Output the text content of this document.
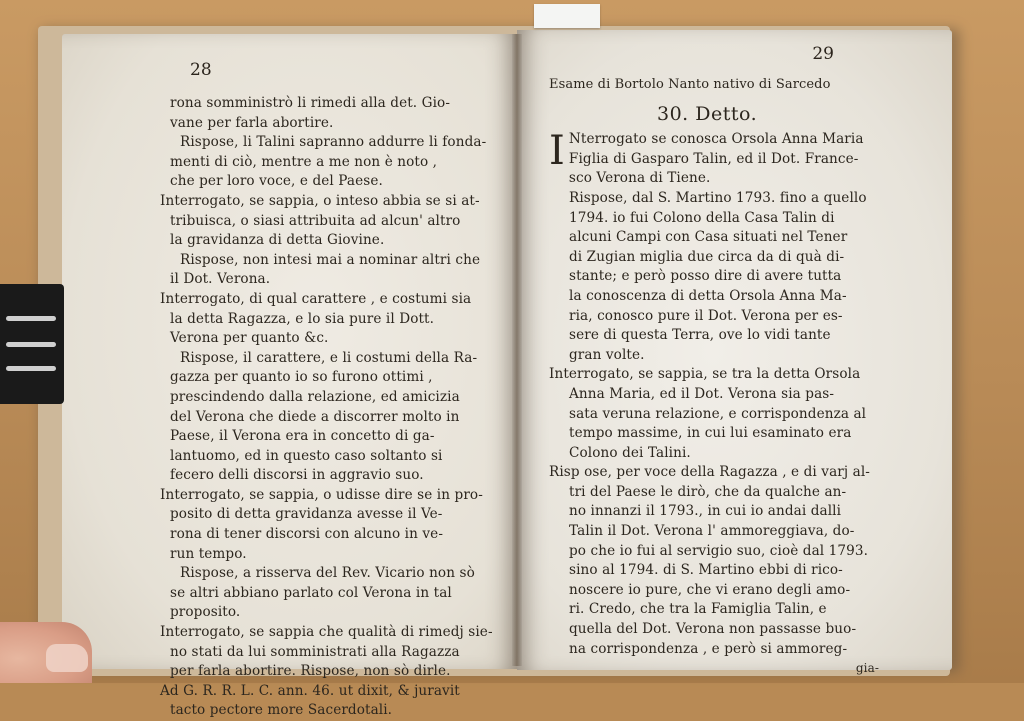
28
rona somministrò li rimedi alla det. Gio-
vane per farla abortire.
Rispose, li Talini sapranno addurre li fonda-
menti di ciò, mentre a me non è noto ,
che per loro voce, e del Paese.
Interrogato, se sappia, o inteso abbia se si at-
tribuisca, o siasi attribuita ad alcun' altro
la gravidanza di detta Giovine.
Rispose, non intesi mai a nominar altri che
il Dot. Verona.
Interrogato, di qual carattere , e costumi sia
la detta Ragazza, e lo sia pure il Dott.
Verona per quanto &c.
Rispose, il carattere, e li costumi della Ra-
gazza per quanto io so furono ottimi ,
prescindendo dalla relazione, ed amicizia
del Verona che diede a discorrer molto in
Paese, il Verona era in concetto di ga-
lantuomo, ed in questo caso soltanto si
fecero delli discorsi in aggravio suo.
Interrogato, se sappia, o udisse dire se in pro-
posito di detta gravidanza avesse il Ve-
rona di tener discorsi con alcuno in ve-
run tempo.
Rispose, a risserva del Rev. Vicario non sò
se altri abbiano parlato col Verona in tal
proposito.
Interrogato, se sappia che qualità di rimedj sie-
no stati da lui somministrati alla Ragazza
per farla abortire. Rispose, non sò dirle.
Ad G. R. R. L. C. ann. 46. ut dixit, & juravit
tacto pectore more Sacerdotali.
29
Esame di Bortolo Nanto nativo di Sarcedo
30. Detto.
I Nterrogato se conosca Orsola Anna Maria
Figlia di Gasparo Talin, ed il Dot. France-
sco Verona di Tiene.
Rispose, dal S. Martino 1793. fino a quello
1794. io fui Colono della Casa Talin di
alcuni Campi con Casa situati nel Tener
di Zugian miglia due circa da di quà di-
stante; e però posso dire di avere tutta
la conoscenza di detta Orsola Anna Ma-
ria, conosco pure il Dot. Verona per es-
sere di questa Terra, ove lo vidi tante
gran volte.
Interrogato, se sappia, se tra la detta Orsola
Anna Maria, ed il Dot. Verona sia pas-
sata veruna relazione, e corrispondenza al
tempo massime, in cui lui esaminato era
Colono dei Talini.
Risp ose, per voce della Ragazza , e di varj al-
tri del Paese le dirò, che da qualche an-
no innanzi il 1793., in cui io andai dalli
Talin il Dot. Verona l' ammoreggiava, do-
po che io fui al servigio suo, cioè dal 1793.
sino al 1794. di S. Martino ebbi di rico-
noscere io pure, che vi erano degli amo-
ri. Credo, che tra la Famiglia Talin, e
quella del Dot. Verona non passasse buo-
na corrispondenza , e però si ammoreg-
gia-
